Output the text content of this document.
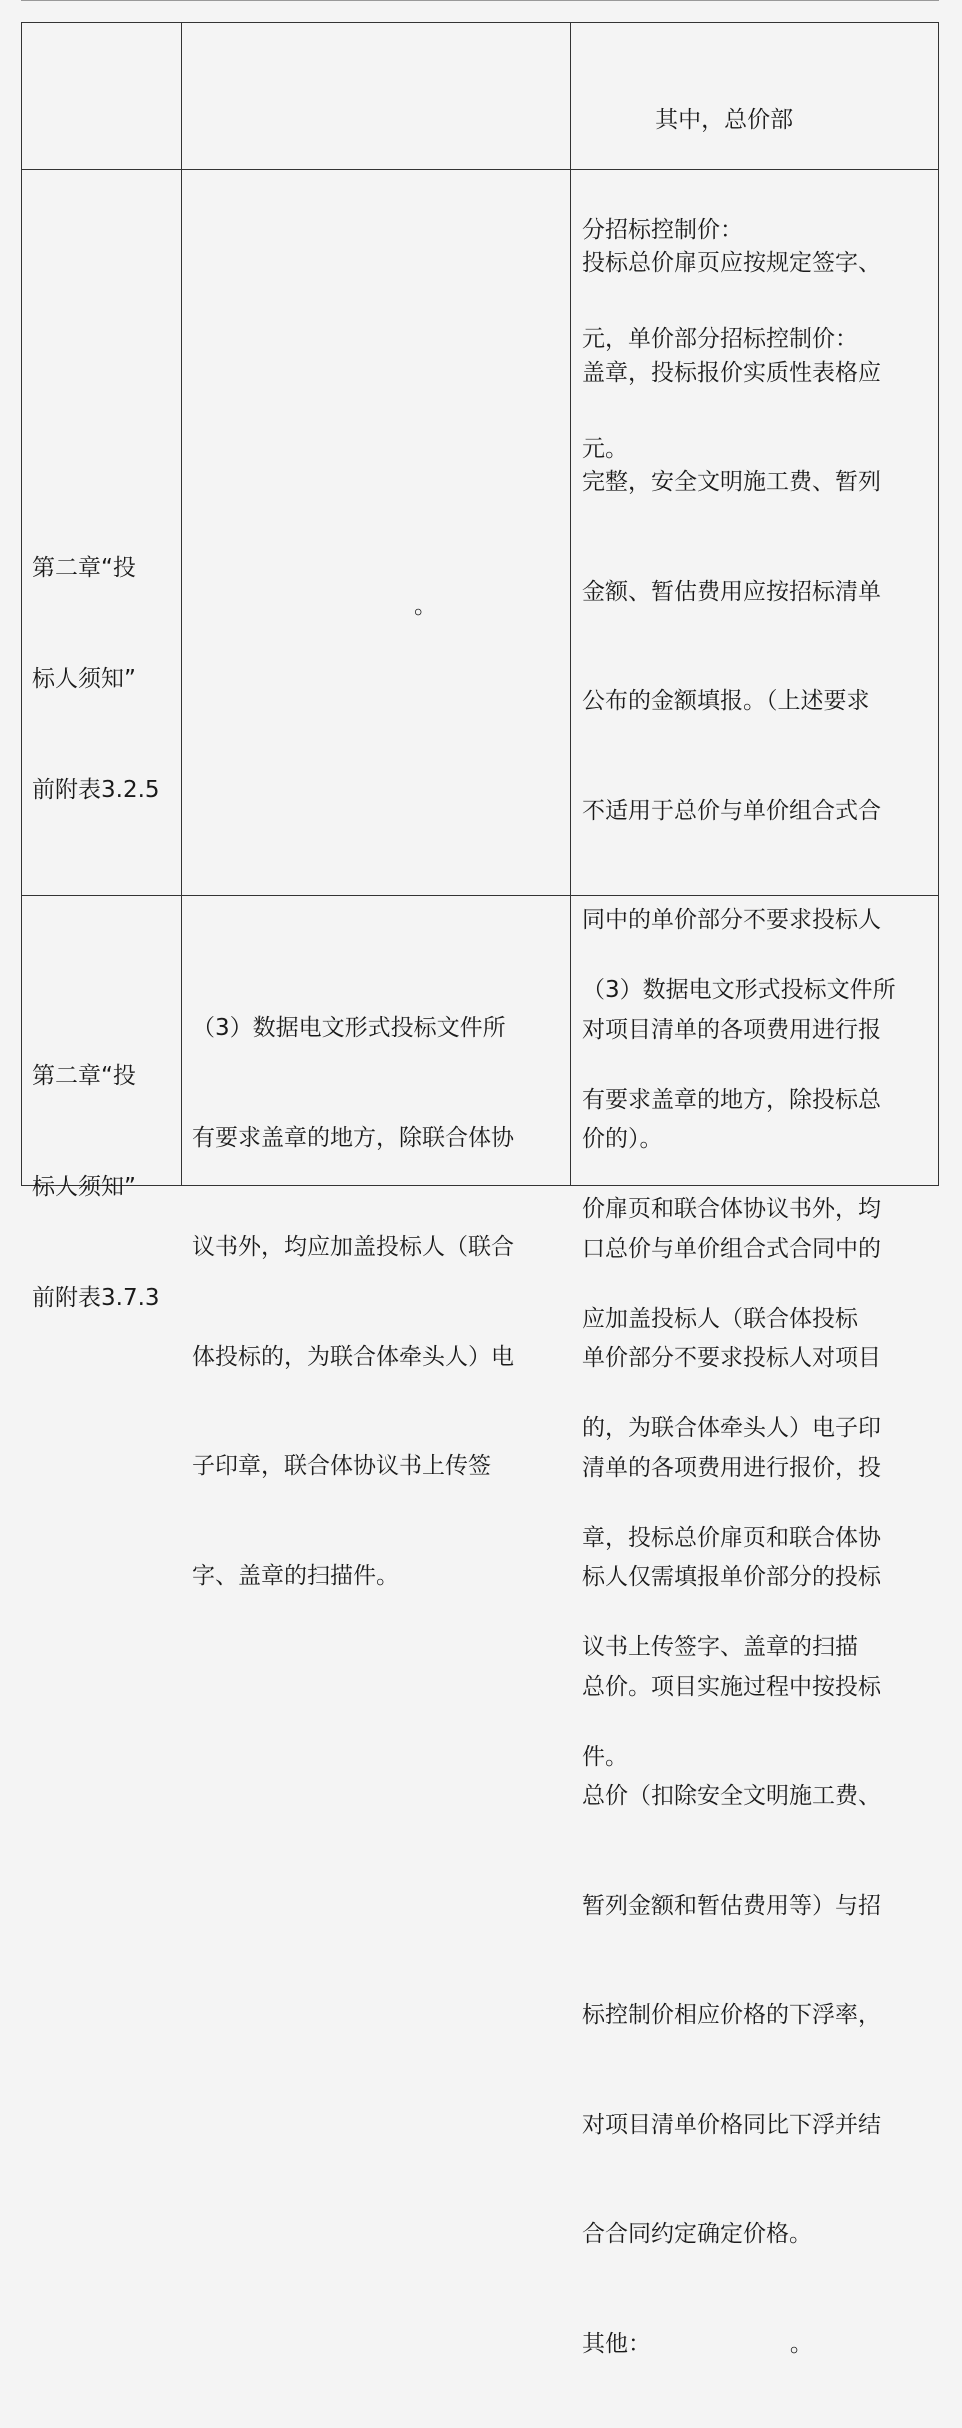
其中，总价部

分招标控制价：

元，单价部分招标控制价：

元。

第二章“投

标人须知”

前附表3.2.5

。

投标总价扉页应按规定签字、

盖章，投标报价实质性表格应

完整，安全文明施工费、暂列

金额、暂估费用应按招标清单

公布的金额填报。（上述要求

不适用于总价与单价组合式合

同中的单价部分不要求投标人

对项目清单的各项费用进行报

价的）。

口总价与单价组合式合同中的

单价部分不要求投标人对项目

清单的各项费用进行报价，投

标人仅需填报单价部分的投标

总价。项目实施过程中按投标

总价（扣除安全文明施工费、

暂列金额和暂估费用等）与招

标控制价相应价格的下浮率，

对项目清单价格同比下浮并结

合合同约定确定价格。

其他：                   。

第二章“投

标人须知”

前附表3.7.3

（3）数据电文形式投标文件所

有要求盖章的地方，除联合体协

议书外，均应加盖投标人（联合

体投标的，为联合体牵头人）电

子印章，联合体协议书上传签

字、盖章的扫描件。

（3）数据电文形式投标文件所

有要求盖章的地方，除投标总

价扉页和联合体协议书外，均

应加盖投标人（联合体投标

的，为联合体牵头人）电子印

章，投标总价扉页和联合体协

议书上传签字、盖章的扫描

件。
